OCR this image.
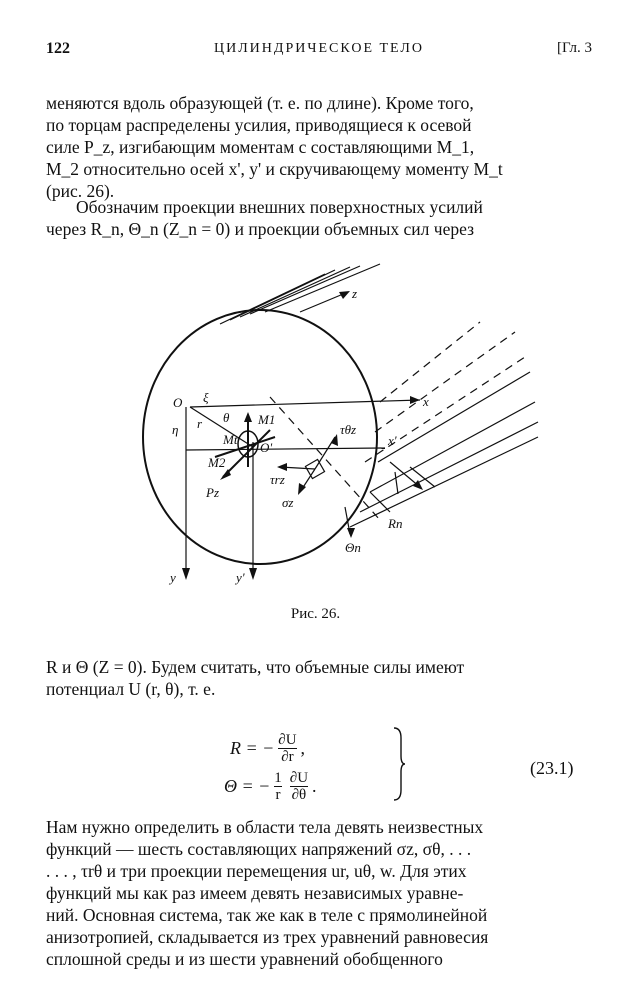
122	ЦИЛИНДРИЧЕСКОЕ ТЕЛО	[Гл. 3

меняются вдоль образующей (т. е. по длине). Кроме того,
по торцам распределены усилия, приводящиеся к осевой
силе P_z, изгибающим моментам с составляющими M_1,
M_2 относительно осей x', y' и скручивающему моменту M_t
(рис. 26).

Обозначим проекции внешних поверхностных усилий
через R_n, Θ_n (Z_n = 0) и проекции объемных сил через

z
x
x'
y	y'
O
O'
r
ξ
η
θ M1
M2
Mt
Pz
τrz
τθz
σz
Rn
Θn
Рис. 26.

R и Θ (Z = 0). Будем считать, что объемные силы имеют
потенциал U (r, θ), т. е.

R = − $\frac{\partial U}{\partial r}$ ,
Θ = − $\frac{1}{r} \frac{\partial U}{\partial\theta}$ .
(23.1)

Нам нужно определить в области тела девять неизвестных
функций — шесть составляющих напряжений σz, σθ, . . .
. . . , τrθ и три проекции перемещения ur, uθ, w. Для этих
функций мы как раз имеем девять независимых уравне-
ний. Основная система, так же как в теле с прямолинейной
анизотропией, складывается из трех уравнений равновесия
сплошной среды и из шести уравнений обобщенного
